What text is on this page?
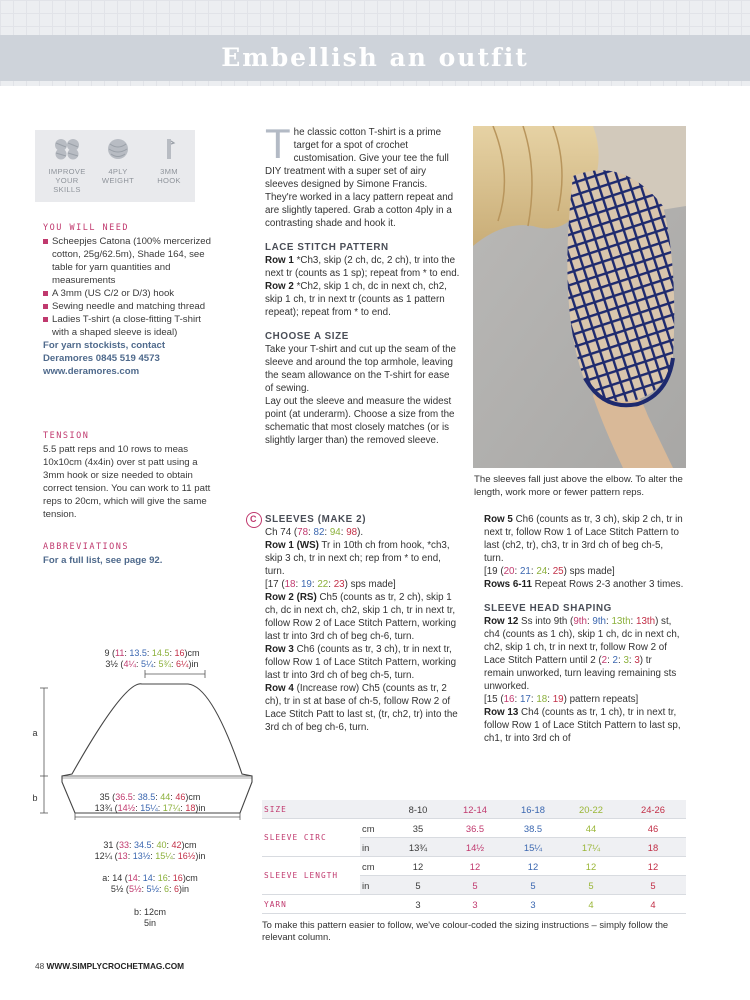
Embellish an outfit
IMPROVE
YOUR SKILLS
4PLY
WEIGHT
3MM
HOOK
YOU WILL NEED
Scheepjes Catona (100% mercerized cotton, 25g/62.5m), Shade 164, see table for yarn quantities and measurements
A 3mm (US C/2 or D/3) hook
Sewing needle and matching thread
Ladies T-shirt (a close-fitting T-shirt with a shaped sleeve is ideal)
For yarn stockists, contact Deramores 0845 519 4573
www.deramores.com
TENSION
5.5 patt reps and 10 rows to meas 10x10cm (4x4in) over st patt using a 3mm hook or size needed to obtain correct tension. You can work to 11 patt reps to 20cm, which will give the same tension.
ABBREVIATIONS
For a full list, see page 92.
9 (11: 13.5: 14.5: 16)cm
3½ (4¼: 5¼: 5¾: 6¼)in
a
b	35 (36.5: 38.5: 44: 46)cm
13¾ (14½: 15¼: 17¼: 18)in
31 (33: 34.5: 40: 42)cm
12¼ (13: 13½: 15¼: 16½)in
a: 14 (14: 14: 16: 16)cm
5½ (5½: 5½: 6: 6)in
b: 12cm
5in
T he classic cotton T-shirt is a prime target for a spot of crochet customisation. Give your tee the full DIY treatment with a super set of airy sleeves designed by Simone Francis. They're worked in a lacy pattern repeat and are slightly tapered. Grab a cotton 4ply in a contrasting shade and hook it.
LACE STITCH PATTERN
Row 1 *Ch3, skip (2 ch, dc, 2 ch), tr into the next tr (counts as 1 sp); repeat from * to end.
Row 2 *Ch2, skip 1 ch, dc in next ch, ch2, skip 1 ch, tr in next tr (counts as 1 pattern repeat); repeat from * to end.
CHOOSE A SIZE
Take your T-shirt and cut up the seam of the sleeve and around the top armhole, leaving the seam allowance on the T-shirt for ease of sewing.
Lay out the sleeve and measure the widest point (at underarm). Choose a size from the schematic that most closely matches (or is slightly larger than) the removed sleeve.
C SLEEVES (MAKE 2)
Ch 74 (78: 82: 94: 98).
Row 1 (WS) Tr in 10th ch from hook, *ch3, skip 3 ch, tr in next ch; rep from * to end, turn.
[17 (18: 19: 22: 23) sps made]
Row 2 (RS) Ch5 (counts as tr, 2 ch), skip 1 ch, dc in next ch, ch2, skip 1 ch, tr in next tr, follow Row 2 of Lace Stitch Pattern, working last tr into 3rd ch of beg ch-6, turn.
Row 3 Ch6 (counts as tr, 3 ch), tr in next tr, follow Row 1 of Lace Stitch Pattern, working last tr into 3rd ch of beg ch-5, turn.
Row 4 (Increase row) Ch5 (counts as tr, 2 ch), tr in st at base of ch-5, follow Row 2 of Lace Stitch Patt to last st, (tr, ch2, tr) into the 3rd ch of beg ch-6, turn.
The sleeves fall just above the elbow. To alter the length, work more or fewer pattern reps.
Row 5 Ch6 (counts as tr, 3 ch), skip 2 ch, tr in next tr, follow Row 1 of Lace Stitch Pattern to last (ch2, tr), ch3, tr in 3rd ch of beg ch-5, turn.
[19 (20: 21: 24: 25) sps made]
Rows 6-11 Repeat Rows 2-3 another 3 times.
SLEEVE HEAD SHAPING
Row 12 Ss into 9th (9th: 9th: 13th: 13th) st, ch4 (counts as 1 ch), skip 1 ch, dc in next ch, ch2, skip 1 ch, tr in next tr, follow Row 2 of Lace Stitch Pattern until 2 (2: 2: 3: 3) tr remain unworked, turn leaving remaining sts unworked.
[15 (16: 17: 18: 19) pattern repeats]
Row 13 Ch4 (counts as tr, 1 ch), tr in next tr, follow Row 1 of Lace Stitch Pattern to last sp, ch1, tr into 3rd ch of
SIZE		8-10	12-14	16-18	20-22	24-26
SLEEVE CIRC	cm	35	36.5	38.5	44	46
	in	13¾	14½	15¼	17¼	18
SLEEVE LENGTH	cm	12	12	12	12	12
	in	5	5	5	5	5
YARN		3	3	3	4	4
To make this pattern easier to follow, we've colour-coded the sizing instructions – simply follow the relevant column.
48 WWW.SIMPLYCROCHETMAG.COM
